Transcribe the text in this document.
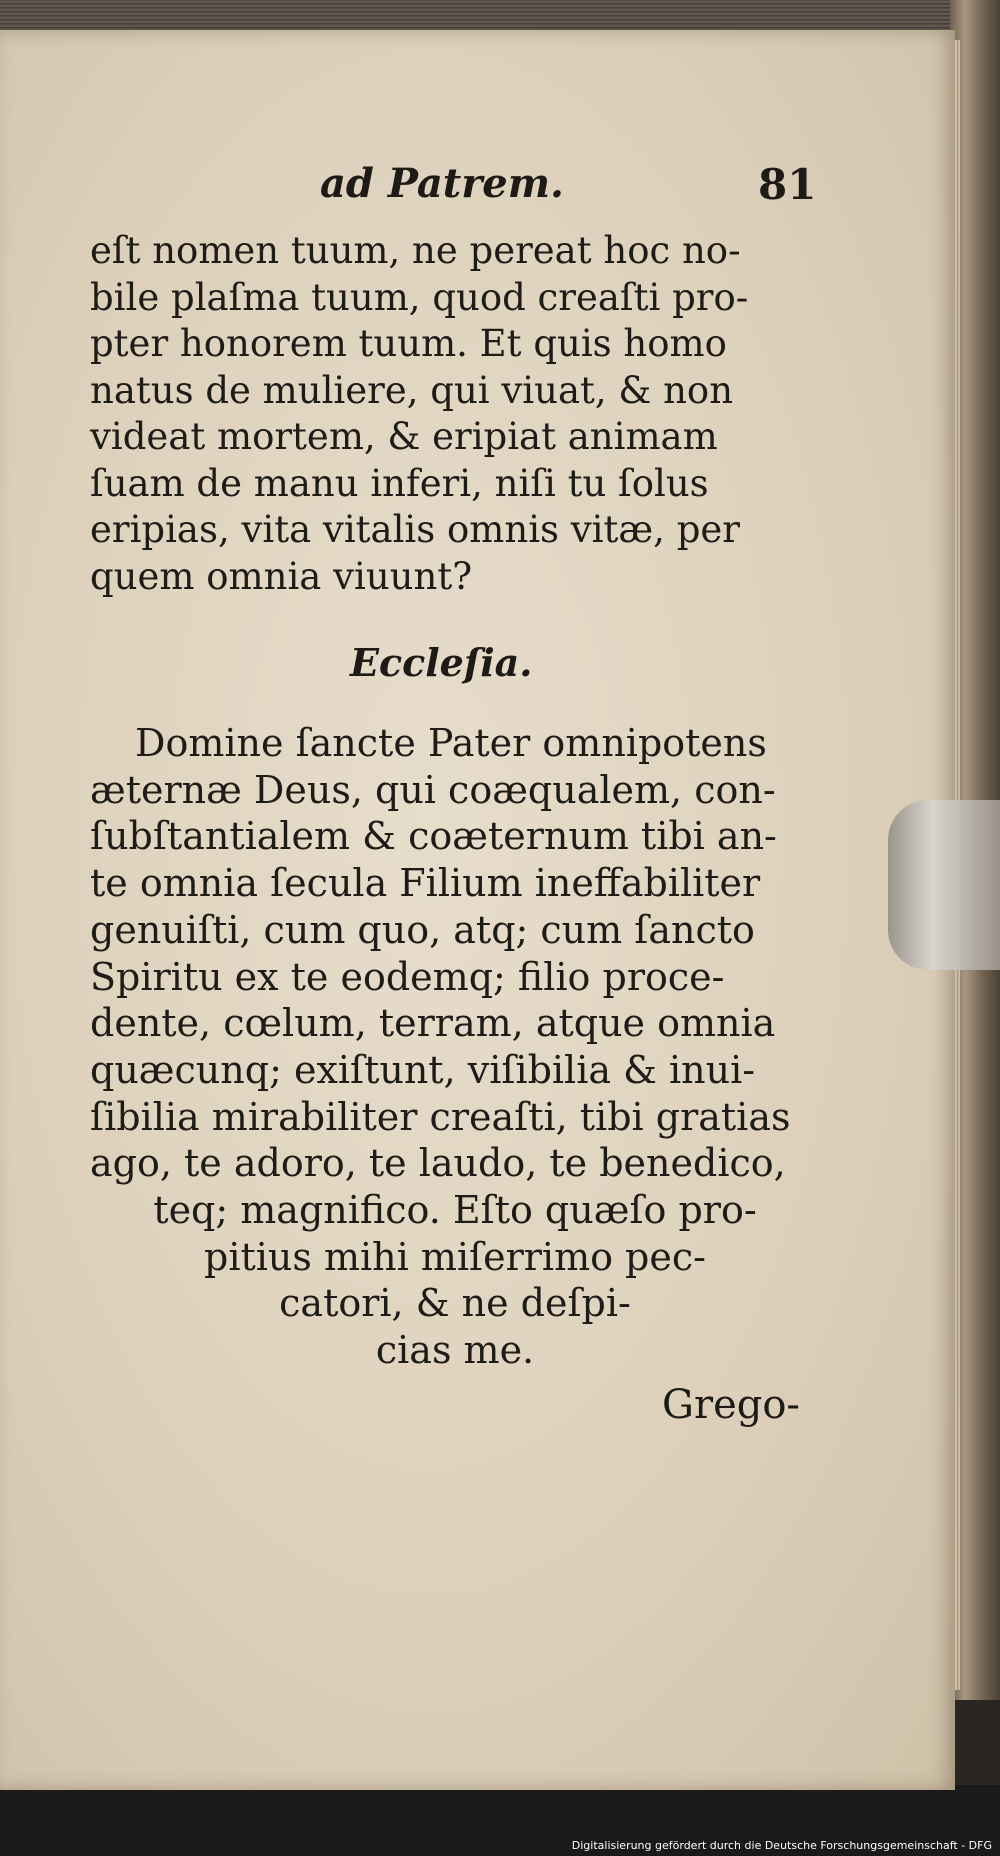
ad Patrem.	81
eſt nomen tuum, ne pereat hoc no-
bile plaſma tuum, quod creaſti pro-
pter honorem tuum. Et quis homo
natus de muliere, qui viuat, & non
videat mortem, & eripiat animam
ſuam de manu inferi, niſi tu ſolus
eripias, vita vitalis omnis vitæ, per
quem omnia viuunt?
Eccleſia.
Domine ſancte Pater omnipotens
æternæ Deus, qui coæqualem, con-
ſubſtantialem & coæternum tibi an-
te omnia ſecula Filium ineffabiliter
genuiſti, cum quo, atq; cum ſancto
Spiritu ex te eodemq; filio proce-
dente, cœlum, terram, atque omnia
quæcunq; exiſtunt, viſibilia & inui-
ſibilia mirabiliter creaſti, tibi gratias
ago, te adoro, te laudo, te benedico,
teq; magnifico. Eſto quæſo pro-
pitius mihi miſerrimo pec-
catori, & ne deſpi-
cias me.
Grego-
Digitalisierung gefördert durch die Deutsche Forschungsgemeinschaft - DFG
